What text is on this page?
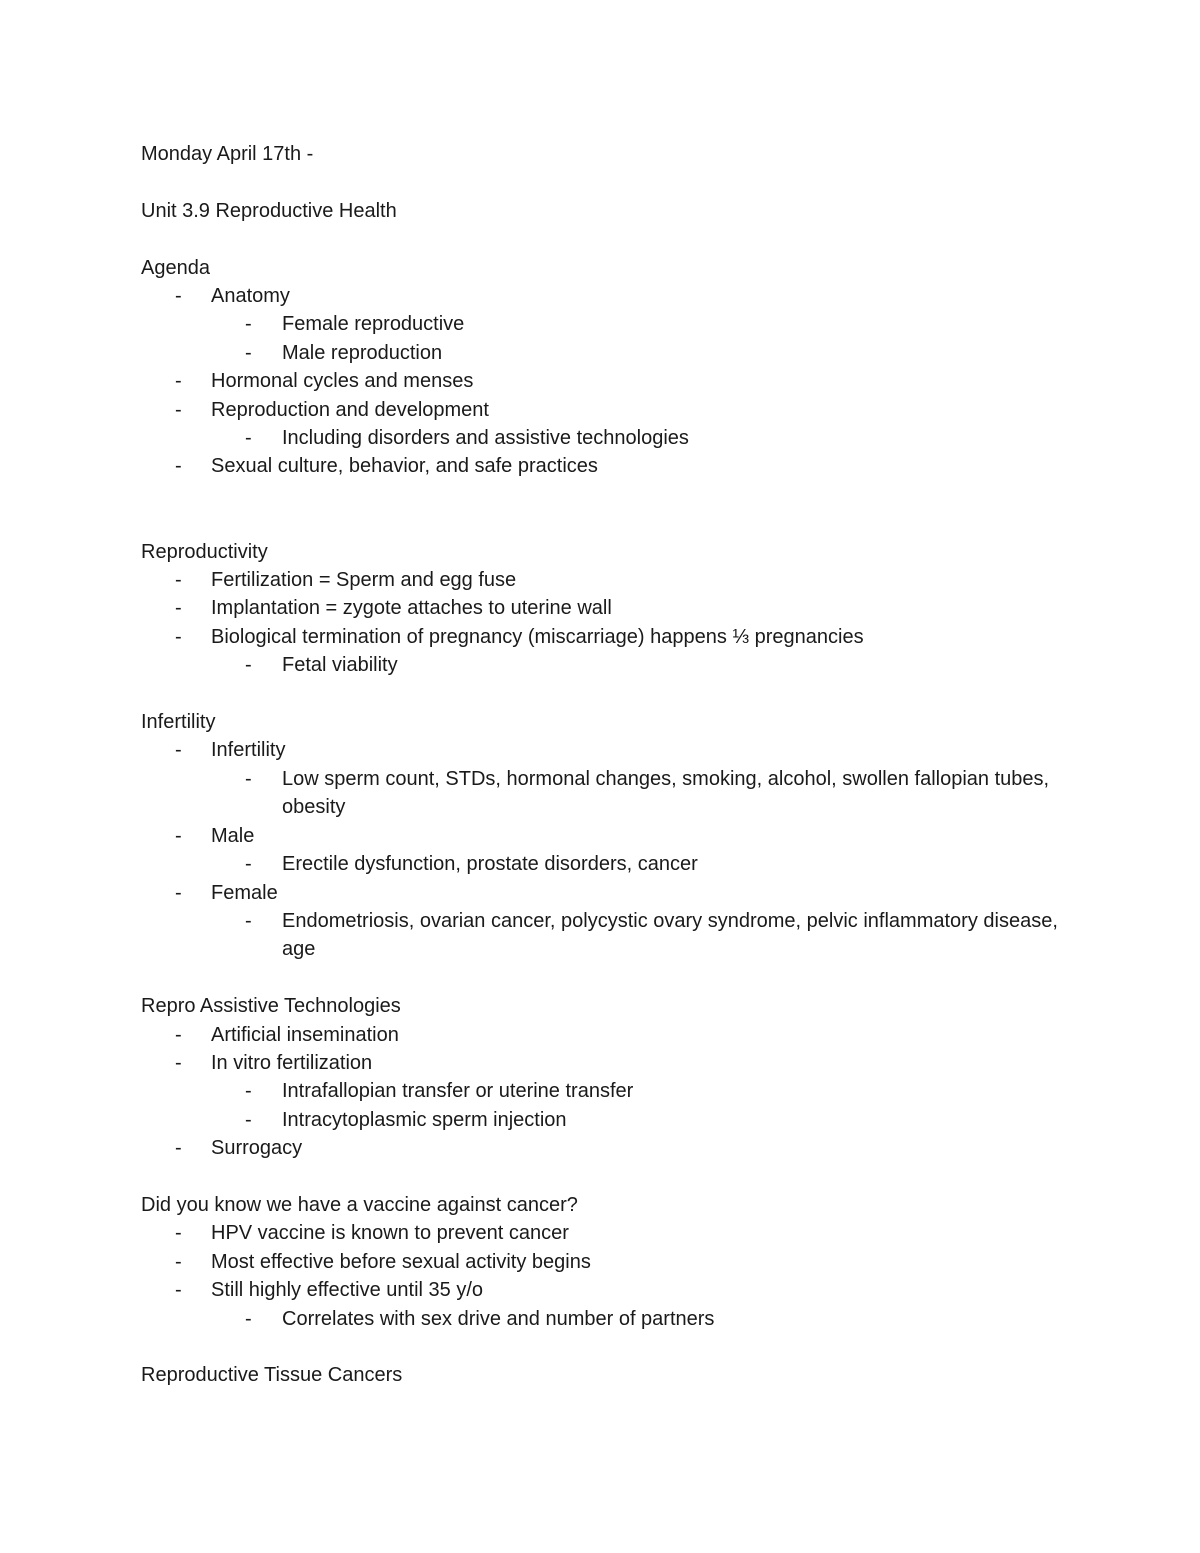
Monday April 17th -
Unit 3.9 Reproductive Health
Agenda
- Anatomy
- Female reproductive
- Male reproduction
- Hormonal cycles and menses
- Reproduction and development
- Including disorders and assistive technologies
- Sexual culture, behavior, and safe practices
Reproductivity
- Fertilization = Sperm and egg fuse
- Implantation = zygote attaches to uterine wall
- Biological termination of pregnancy (miscarriage) happens ⅓ pregnancies
- Fetal viability
Infertility
- Infertility
- Low sperm count, STDs, hormonal changes, smoking, alcohol, swollen fallopian tubes, obesity
- Male
- Erectile dysfunction, prostate disorders, cancer
- Female
- Endometriosis, ovarian cancer, polycystic ovary syndrome, pelvic inflammatory disease, age
Repro Assistive Technologies
- Artificial insemination
- In vitro fertilization
- Intrafallopian transfer or uterine transfer
- Intracytoplasmic sperm injection
- Surrogacy
Did you know we have a vaccine against cancer?
- HPV vaccine is known to prevent cancer
- Most effective before sexual activity begins
- Still highly effective until 35 y/o
- Correlates with sex drive and number of partners
Reproductive Tissue Cancers
